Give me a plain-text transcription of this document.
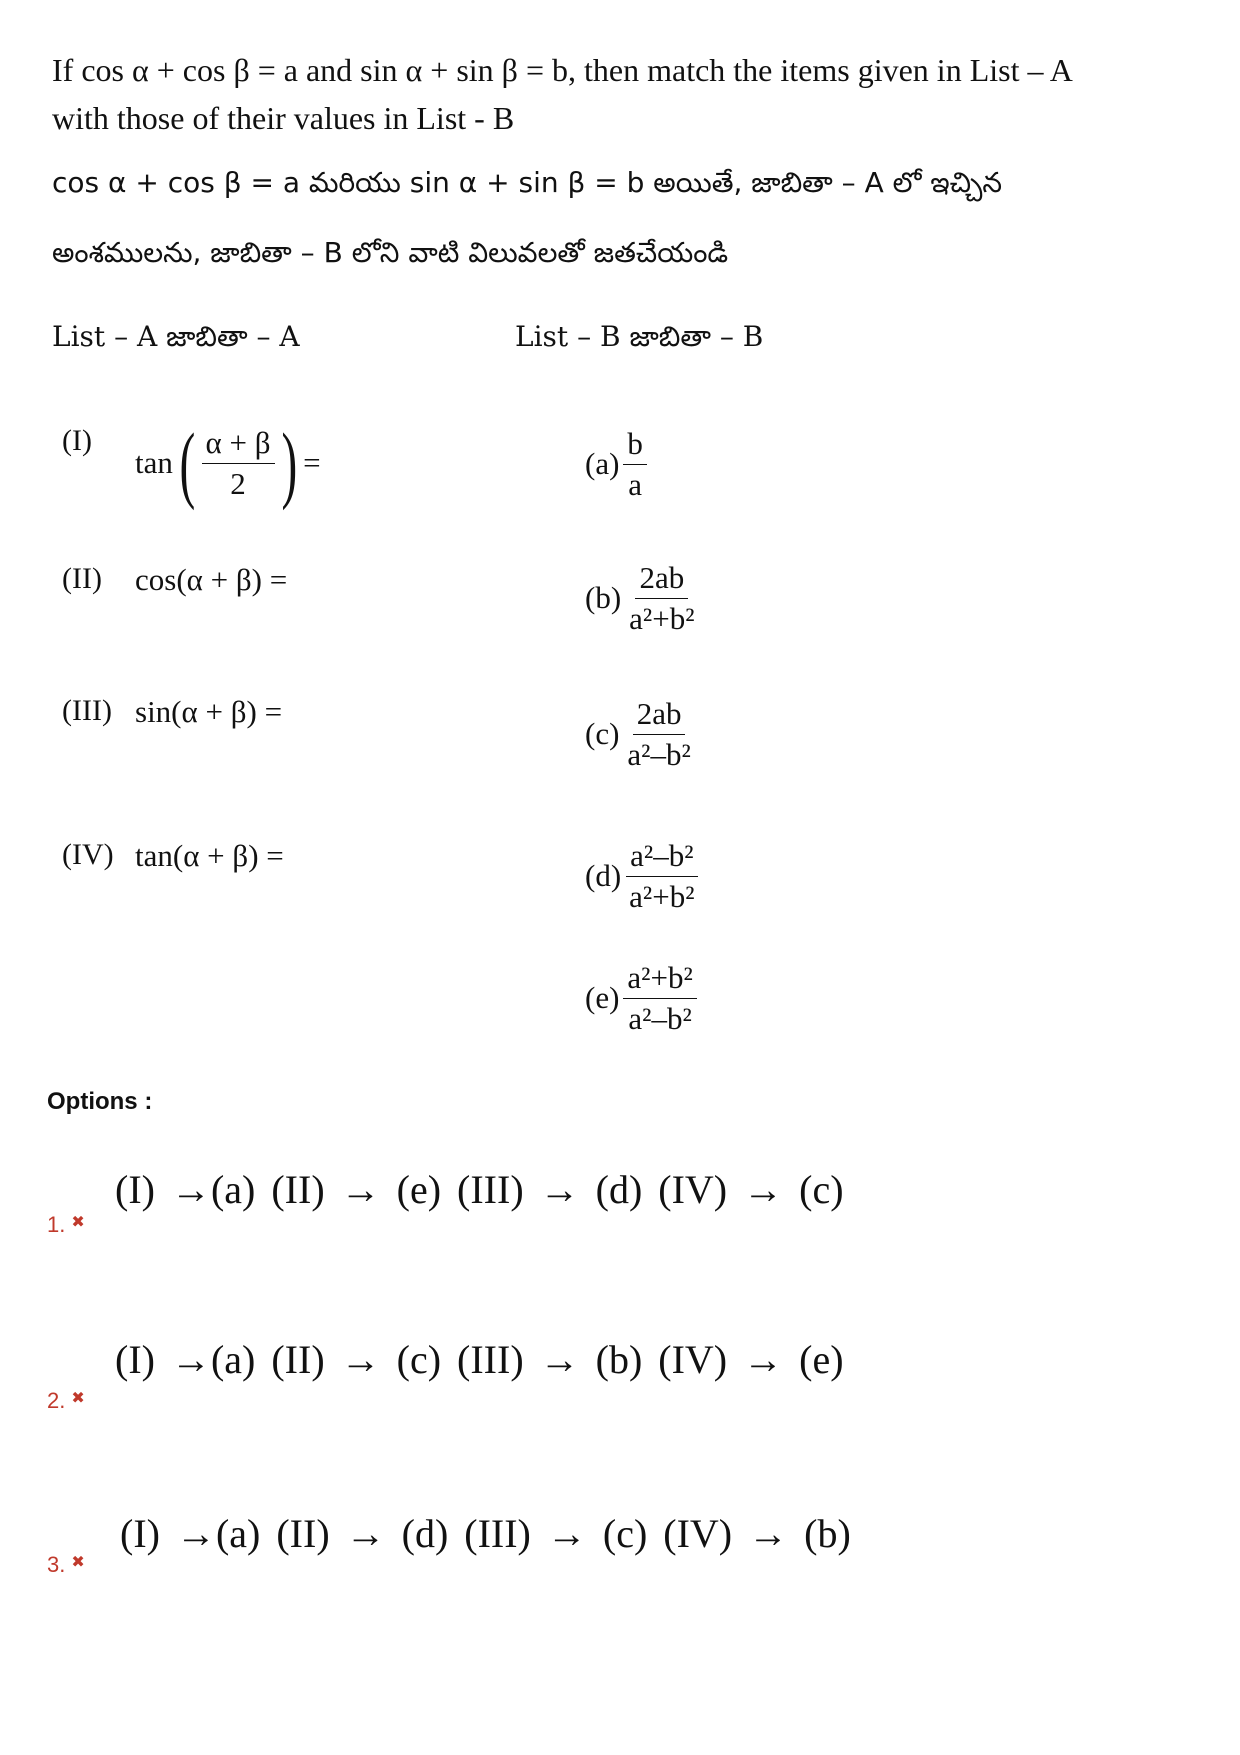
If cos α + cos β = a and sin α + sin β = b, then match the items given in List – A
with those of their values in List - B
cos α + cos β = a మరియు sin α + sin β = b అయితే, జాబితా – A లో ఇచ్చిన
అంశములను, జాబితా – B లోని వాటి విలువలతో జతచేయండి
List – A జాబితా – A	List – B జాబితా – B
(I)
tan ( $\frac{\alpha + \beta}{2}$ ) =
(II) cos(α + β) =
(III) sin(α + β) =
(IV) tan(α + β) =
$(a) \frac{b}{a}$
$(b) \frac{2ab}{\text{a²+b²}}$
$(c) \frac{2ab}{\text{a²–b²}}$
$(d) \frac{\text{a²–b²}}{\text{a²+b²}}$
$(e) \frac{\text{a²+b²}}{\text{a²–b²}}$
Options :
1. ✖
(I) →(a) (II) → (e) (III) → (d) (IV) → (c)
2. ✖
(I) →(a) (II) → (c) (III) → (b) (IV) → (e)
3. ✖
(I) →(a) (II) → (d) (III) → (c) (IV) → (b)
